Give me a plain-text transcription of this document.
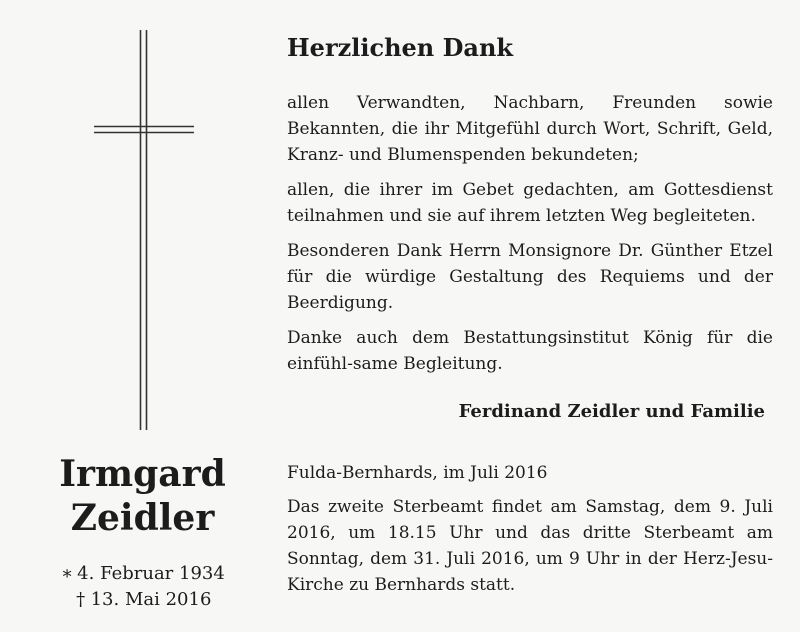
Irmgard
Zeidler
∗ 4. Februar 1934
† 13. Mai 2016
Herzlichen Dank

allen Verwandten, Nachbarn, Freunden sowie Bekannten, die ihr Mitgefühl durch Wort, Schrift, Geld, Kranz- und Blumenspenden bekundeten;

allen, die ihrer im Gebet gedachten, am Gottesdienst teilnahmen und sie auf ihrem letzten Weg begleiteten.

Besonderen Dank Herrn Monsignore Dr. Günther Etzel für die würdige Gestaltung des Requiems und der Beerdigung.

Danke auch dem Bestattungsinstitut König für die einfühl-same Begleitung.

Ferdinand Zeidler und Familie

Fulda-Bernhards, im Juli 2016

Das zweite Sterbeamt findet am Samstag, dem 9. Juli 2016, um 18.15 Uhr und das dritte Sterbeamt am Sonntag, dem 31. Juli 2016, um 9 Uhr in der Herz-Jesu-Kirche zu Bernhards statt.
